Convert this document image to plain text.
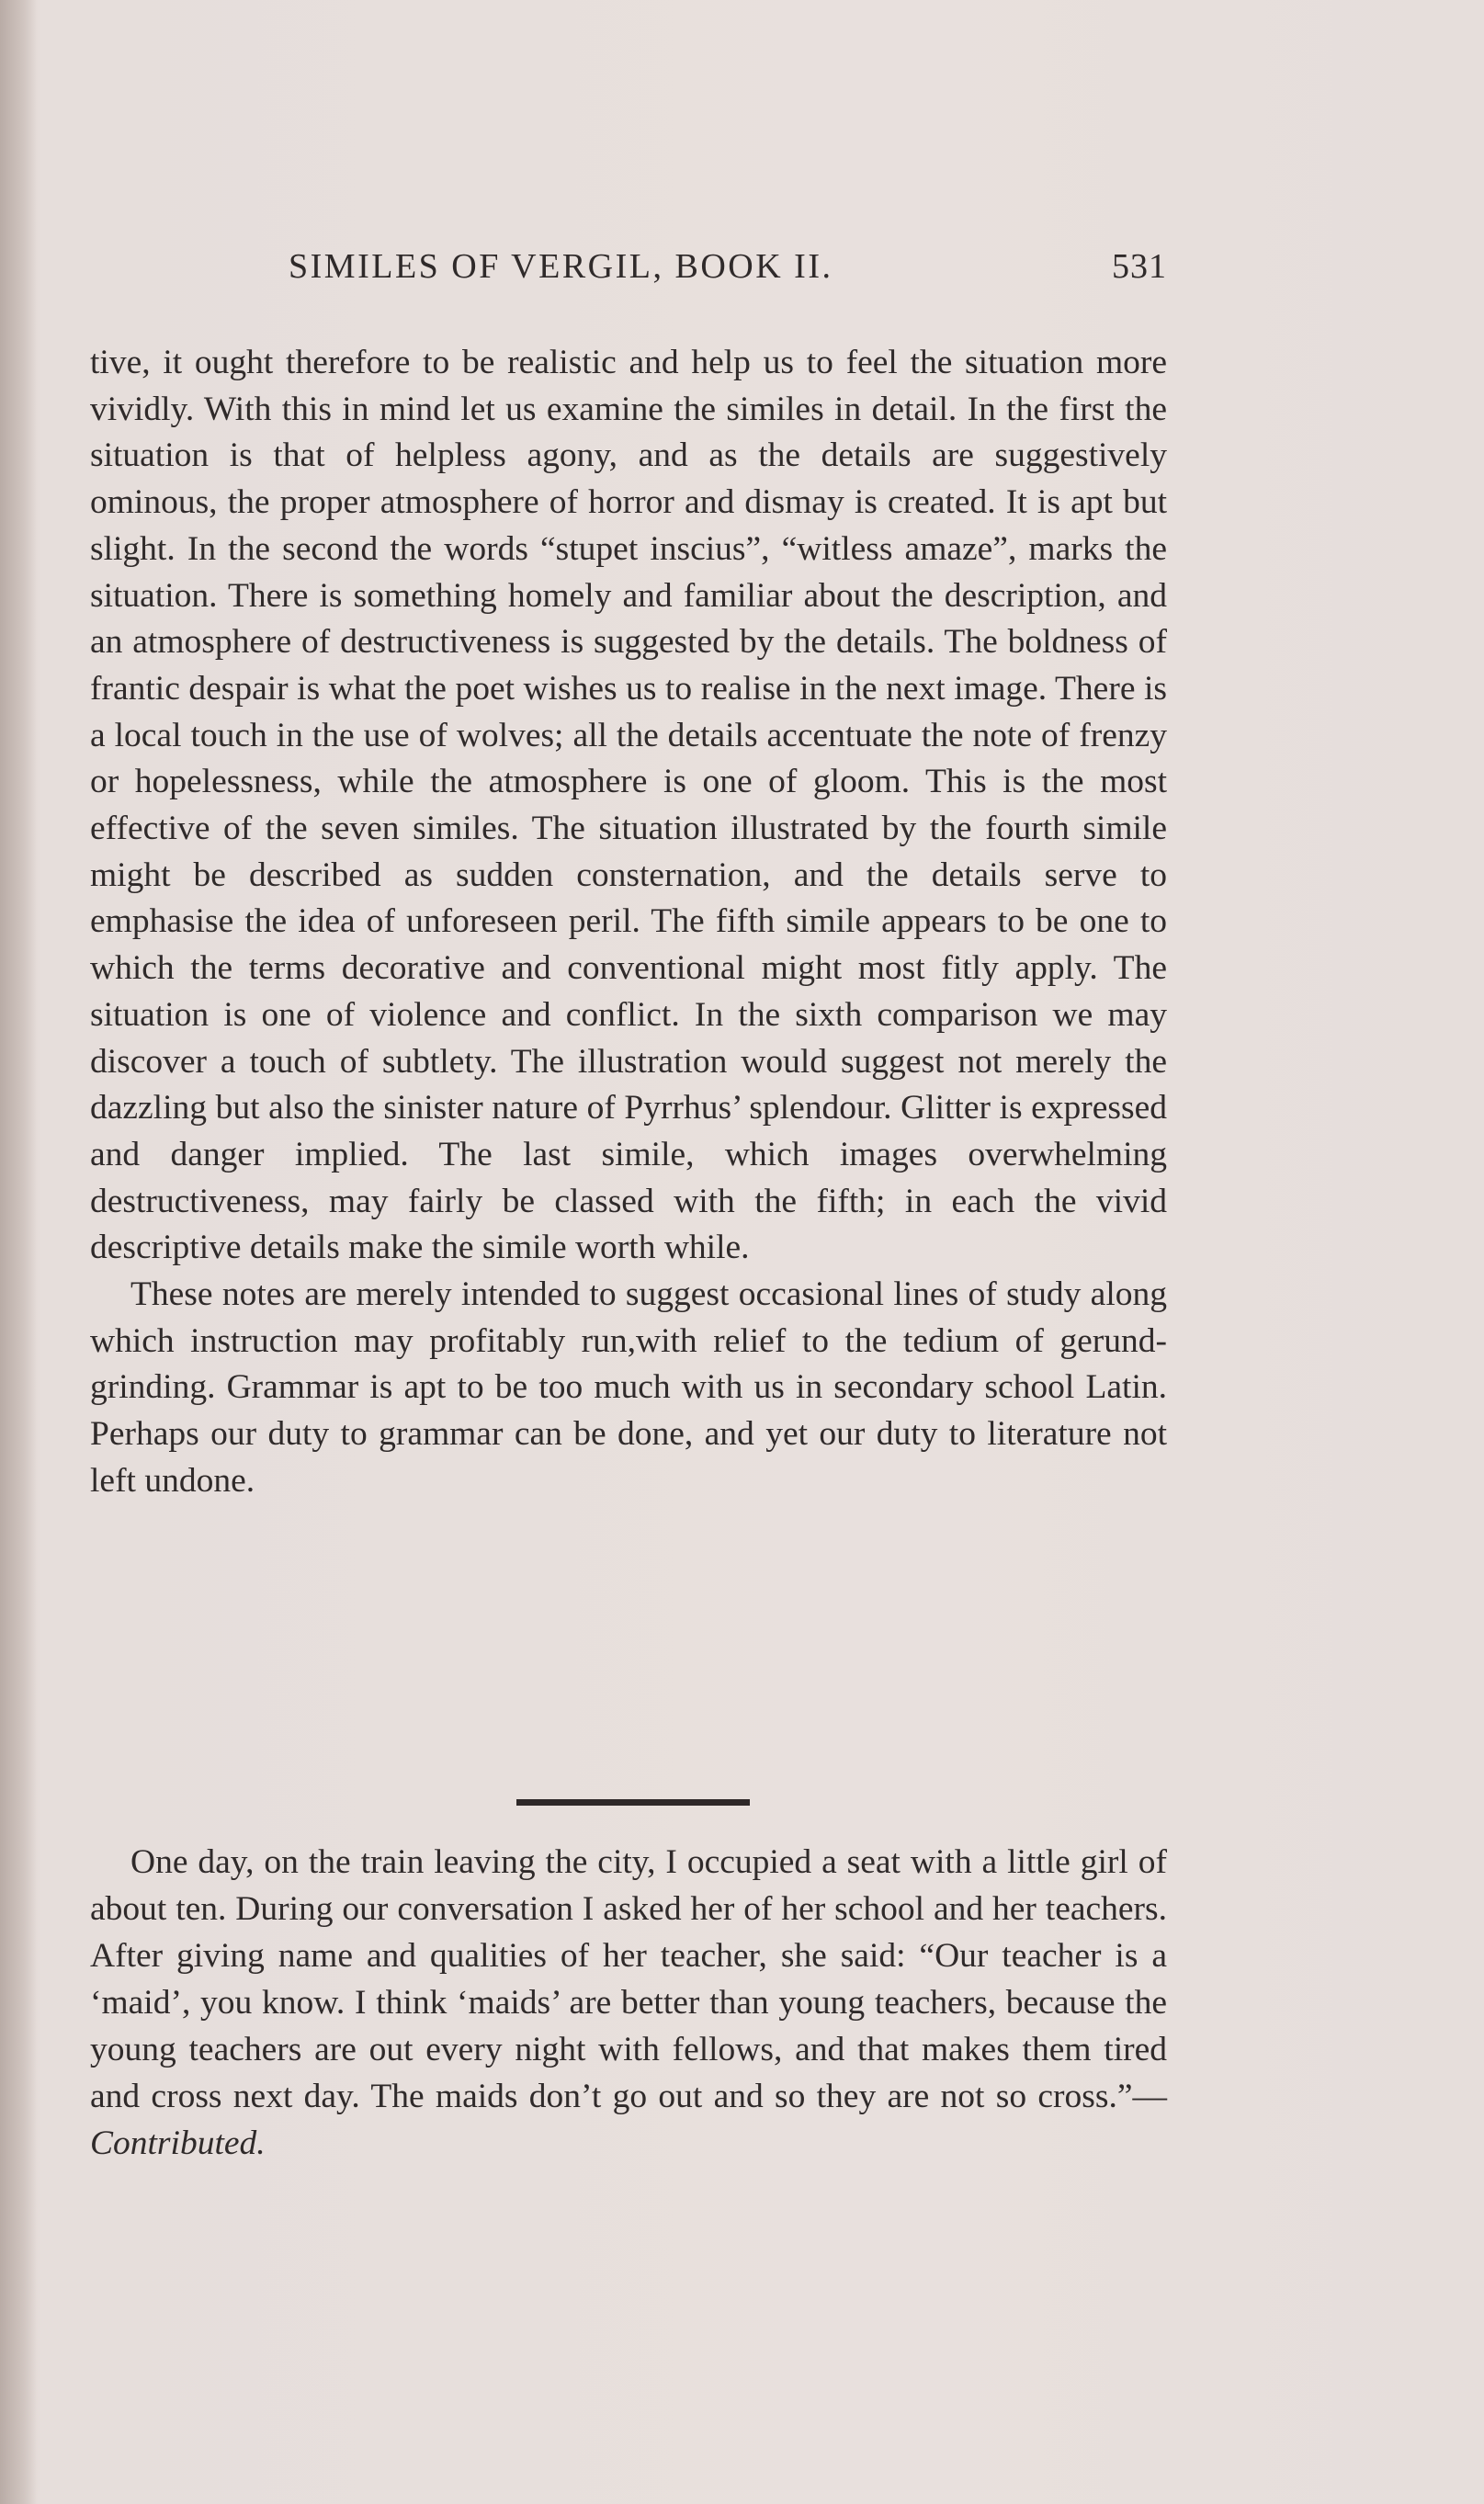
SIMILES OF VERGIL, BOOK II.	531

tive, it ought therefore to be realistic and help us to feel the situation more vividly. With this in mind let us examine the similes in detail. In the first the situation is that of helpless agony, and as the details are suggestively ominous, the proper atmosphere of horror and dismay is created. It is apt but slight. In the second the words “stupet inscius”, “witless amaze”, marks the situation. There is something homely and familiar about the description, and an atmosphere of destructiveness is suggested by the details. The boldness of frantic despair is what the poet wishes us to realise in the next image. There is a local touch in the use of wolves; all the details accentuate the note of frenzy or hopelessness, while the atmosphere is one of gloom. This is the most effective of the seven similes. The situation illustrated by the fourth simile might be described as sudden consternation, and the details serve to emphasise the idea of unforeseen peril. The fifth simile appears to be one to which the terms decorative and conventional might most fitly apply. The situation is one of violence and conflict. In the sixth comparison we may discover a touch of subtlety. The illustration would suggest not merely the dazzling but also the sinister nature of Pyrrhus’ splendour. Glitter is expressed and danger implied. The last simile, which images overwhelming destructiveness, may fairly be classed with the fifth; in each the vivid descriptive details make the simile worth while.

These notes are merely intended to suggest occasional lines of study along which instruction may profitably run,with relief to the tedium of gerund-grinding. Grammar is apt to be too much with us in secondary school Latin. Perhaps our duty to grammar can be done, and yet our duty to literature not left undone.

One day, on the train leaving the city, I occupied a seat with a little girl of about ten. During our conversation I asked her of her school and her teachers. After giving name and qualities of her teacher, she said: “Our teacher is a ‘maid’, you know. I think ‘maids’ are better than young teachers, because the young teachers are out every night with fellows, and that makes them tired and cross next day. The maids don’t go out and so they are not so cross.”—Contributed.
